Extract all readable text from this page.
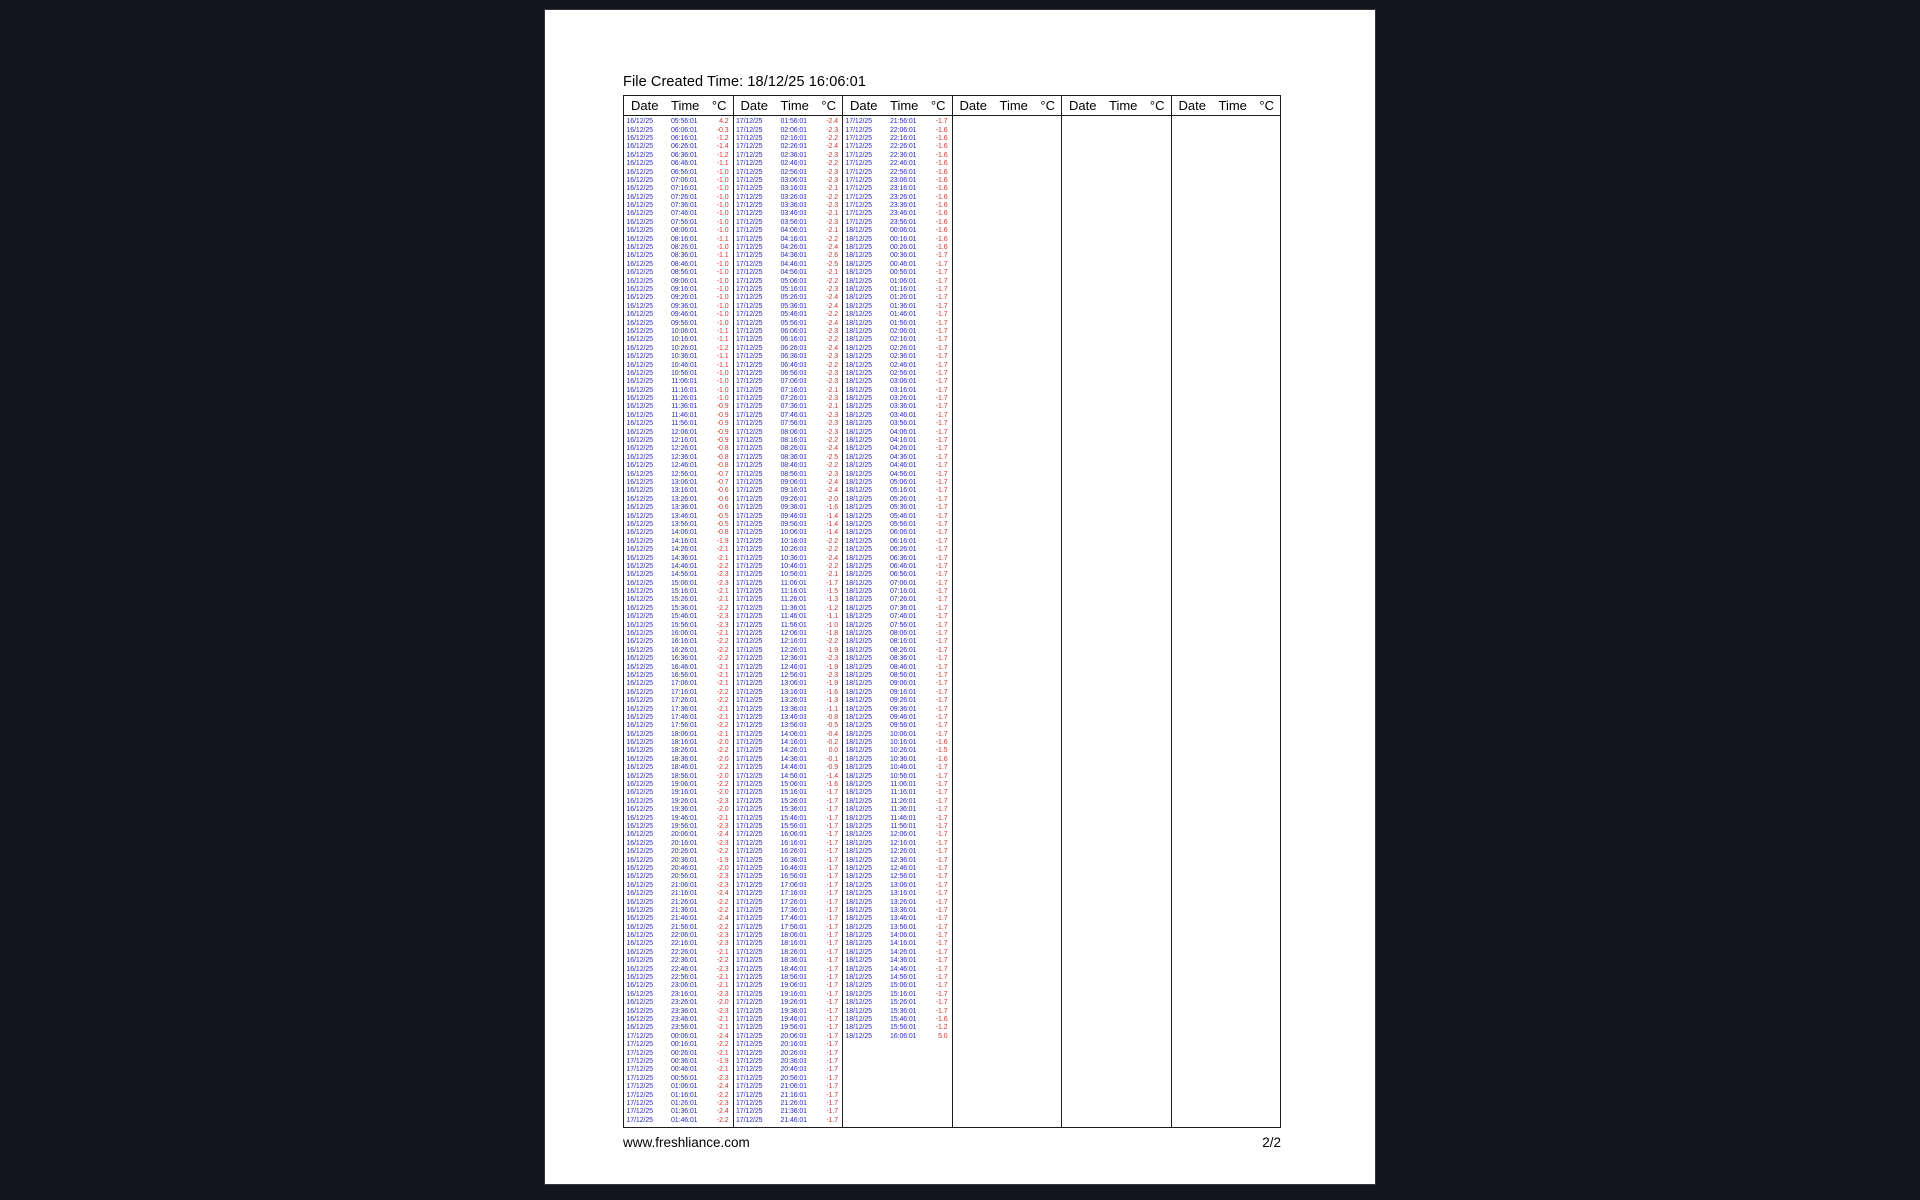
File Created Time: 18/12/25 16:06:01
Date Time °C
16/12/25	05:56:01	4.2
16/12/25	06:06:01	-0.3
16/12/25	06:16:01	-1.2
16/12/25	06:26:01	-1.4
16/12/25	06:36:01	-1.2
16/12/25	06:46:01	-1.1
16/12/25	06:56:01	-1.0
16/12/25	07:06:01	-1.0
16/12/25	07:16:01	-1.0
16/12/25	07:26:01	-1.0
16/12/25	07:36:01	-1.0
16/12/25	07:46:01	-1.0
16/12/25	07:56:01	-1.0
16/12/25	08:06:01	-1.0
16/12/25	08:16:01	-1.1
16/12/25	08:26:01	-1.0
16/12/25	08:36:01	-1.1
16/12/25	08:46:01	-1.0
16/12/25	08:56:01	-1.0
16/12/25	09:06:01	-1.0
16/12/25	09:16:01	-1.0
16/12/25	09:26:01	-1.0
16/12/25	09:36:01	-1.0
16/12/25	09:46:01	-1.0
16/12/25	09:56:01	-1.0
16/12/25	10:06:01	-1.1
16/12/25	10:16:01	-1.1
16/12/25	10:26:01	-1.2
16/12/25	10:36:01	-1.1
16/12/25	10:46:01	-1.1
16/12/25	10:56:01	-1.0
16/12/25	11:06:01	-1.0
16/12/25	11:16:01	-1.0
16/12/25	11:26:01	-1.0
16/12/25	11:36:01	-0.9
16/12/25	11:46:01	-0.9
16/12/25	11:56:01	-0.9
16/12/25	12:06:01	-0.9
16/12/25	12:16:01	-0.9
16/12/25	12:26:01	-0.8
16/12/25	12:36:01	-0.8
16/12/25	12:46:01	-0.8
16/12/25	12:56:01	-0.7
16/12/25	13:06:01	-0.7
16/12/25	13:16:01	-0.6
16/12/25	13:26:01	-0.6
16/12/25	13:36:01	-0.6
16/12/25	13:46:01	-0.5
16/12/25	13:56:01	-0.5
16/12/25	14:06:01	-0.8
16/12/25	14:16:01	-1.9
16/12/25	14:26:01	-2.1
16/12/25	14:36:01	-2.1
16/12/25	14:46:01	-2.2
16/12/25	14:56:01	-2.3
16/12/25	15:06:01	-2.3
16/12/25	15:16:01	-2.1
16/12/25	15:26:01	-2.1
16/12/25	15:36:01	-2.2
16/12/25	15:46:01	-2.3
16/12/25	15:56:01	-2.3
16/12/25	16:06:01	-2.1
16/12/25	16:16:01	-2.2
16/12/25	16:26:01	-2.2
16/12/25	16:36:01	-2.2
16/12/25	16:46:01	-2.1
16/12/25	16:56:01	-2.1
16/12/25	17:06:01	-2.1
16/12/25	17:16:01	-2.2
16/12/25	17:26:01	-2.2
16/12/25	17:36:01	-2.1
16/12/25	17:46:01	-2.1
16/12/25	17:56:01	-2.2
16/12/25	18:06:01	-2.1
16/12/25	18:16:01	-2.0
16/12/25	18:26:01	-2.2
16/12/25	18:36:01	-2.0
16/12/25	18:46:01	-2.2
16/12/25	18:56:01	-2.0
16/12/25	19:06:01	-2.2
16/12/25	19:16:01	-2.0
16/12/25	19:26:01	-2.3
16/12/25	19:36:01	-2.0
16/12/25	19:46:01	-2.1
16/12/25	19:56:01	-2.3
16/12/25	20:06:01	-2.4
16/12/25	20:16:01	-2.3
16/12/25	20:26:01	-2.2
16/12/25	20:36:01	-1.9
16/12/25	20:46:01	-2.0
16/12/25	20:56:01	-2.3
16/12/25	21:06:01	-2.3
16/12/25	21:16:01	-2.4
16/12/25	21:26:01	-2.2
16/12/25	21:36:01	-2.2
16/12/25	21:46:01	-2.4
16/12/25	21:56:01	-2.2
16/12/25	22:06:01	-2.3
16/12/25	22:16:01	-2.3
16/12/25	22:26:01	-2.1
16/12/25	22:36:01	-2.2
16/12/25	22:46:01	-2.3
16/12/25	22:56:01	-2.1
16/12/25	23:06:01	-2.1
16/12/25	23:16:01	-2.3
16/12/25	23:26:01	-2.0
16/12/25	23:36:01	-2.3
16/12/25	23:46:01	-2.1
16/12/25	23:56:01	-2.1
17/12/25	00:06:01	-2.4
17/12/25	00:16:01	-2.2
17/12/25	00:26:01	-2.1
17/12/25	00:36:01	-1.9
17/12/25	00:46:01	-2.1
17/12/25	00:56:01	-2.3
17/12/25	01:06:01	-2.4
17/12/25	01:16:01	-2.2
17/12/25	01:26:01	-2.3
17/12/25	01:36:01	-2.4
17/12/25	01:46:01	-2.2
Date Time °C
17/12/25	01:56:01	-2.4
17/12/25	02:06:01	-2.3
17/12/25	02:16:01	-2.2
17/12/25	02:26:01	-2.4
17/12/25	02:36:01	-2.3
17/12/25	02:46:01	-2.2
17/12/25	02:56:01	-2.3
17/12/25	03:06:01	-2.3
17/12/25	03:16:01	-2.1
17/12/25	03:26:01	-2.2
17/12/25	03:36:01	-2.3
17/12/25	03:46:01	-2.1
17/12/25	03:56:01	-2.3
17/12/25	04:06:01	-2.1
17/12/25	04:16:01	-2.2
17/12/25	04:26:01	-2.4
17/12/25	04:36:01	-2.6
17/12/25	04:46:01	-2.5
17/12/25	04:56:01	-2.1
17/12/25	05:06:01	-2.2
17/12/25	05:16:01	-2.3
17/12/25	05:26:01	-2.4
17/12/25	05:36:01	-2.4
17/12/25	05:46:01	-2.2
17/12/25	05:56:01	-2.4
17/12/25	06:06:01	-2.3
17/12/25	06:16:01	-2.2
17/12/25	06:26:01	-2.4
17/12/25	06:36:01	-2.3
17/12/25	06:46:01	-2.2
17/12/25	06:56:01	-2.3
17/12/25	07:06:01	-2.3
17/12/25	07:16:01	-2.1
17/12/25	07:26:01	-2.3
17/12/25	07:36:01	-2.1
17/12/25	07:46:01	-2.3
17/12/25	07:56:01	-2.3
17/12/25	08:06:01	-2.3
17/12/25	08:16:01	-2.2
17/12/25	08:26:01	-2.4
17/12/25	08:36:01	-2.5
17/12/25	08:46:01	-2.2
17/12/25	08:56:01	-2.3
17/12/25	09:06:01	-2.4
17/12/25	09:16:01	-2.4
17/12/25	09:26:01	-2.0
17/12/25	09:36:01	-1.6
17/12/25	09:46:01	-1.4
17/12/25	09:56:01	-1.4
17/12/25	10:06:01	-1.4
17/12/25	10:16:01	-2.2
17/12/25	10:26:01	-2.2
17/12/25	10:36:01	-2.4
17/12/25	10:46:01	-2.2
17/12/25	10:56:01	-2.1
17/12/25	11:06:01	-1.7
17/12/25	11:16:01	-1.5
17/12/25	11:26:01	-1.3
17/12/25	11:36:01	-1.2
17/12/25	11:46:01	-1.1
17/12/25	11:56:01	-1.0
17/12/25	12:06:01	-1.8
17/12/25	12:16:01	-2.2
17/12/25	12:26:01	-1.9
17/12/25	12:36:01	-2.3
17/12/25	12:46:01	-1.9
17/12/25	12:56:01	-2.3
17/12/25	13:06:01	-1.9
17/12/25	13:16:01	-1.6
17/12/25	13:26:01	-1.3
17/12/25	13:36:01	-1.1
17/12/25	13:46:01	-0.8
17/12/25	13:56:01	-0.5
17/12/25	14:06:01	-0.4
17/12/25	14:16:01	-0.2
17/12/25	14:26:01	0.0
17/12/25	14:36:01	-0.1
17/12/25	14:46:01	-0.9
17/12/25	14:56:01	-1.4
17/12/25	15:06:01	-1.6
17/12/25	15:16:01	-1.7
17/12/25	15:26:01	-1.7
17/12/25	15:36:01	-1.7
17/12/25	15:46:01	-1.7
17/12/25	15:56:01	-1.7
17/12/25	16:06:01	-1.7
17/12/25	16:16:01	-1.7
17/12/25	16:26:01	-1.7
17/12/25	16:36:01	-1.7
17/12/25	16:46:01	-1.7
17/12/25	16:56:01	-1.7
17/12/25	17:06:01	-1.7
17/12/25	17:16:01	-1.7
17/12/25	17:26:01	-1.7
17/12/25	17:36:01	-1.7
17/12/25	17:46:01	-1.7
17/12/25	17:56:01	-1.7
17/12/25	18:06:01	-1.7
17/12/25	18:16:01	-1.7
17/12/25	18:26:01	-1.7
17/12/25	18:36:01	-1.7
17/12/25	18:46:01	-1.7
17/12/25	18:56:01	-1.7
17/12/25	19:06:01	-1.7
17/12/25	19:16:01	-1.7
17/12/25	19:26:01	-1.7
17/12/25	19:36:01	-1.7
17/12/25	19:46:01	-1.7
17/12/25	19:56:01	-1.7
17/12/25	20:06:01	-1.7
17/12/25	20:16:01	-1.7
17/12/25	20:26:01	-1.7
17/12/25	20:36:01	-1.7
17/12/25	20:46:01	-1.7
17/12/25	20:56:01	-1.7
17/12/25	21:06:01	-1.7
17/12/25	21:16:01	-1.7
17/12/25	21:26:01	-1.7
17/12/25	21:36:01	-1.7
17/12/25	21:46:01	-1.7
Date Time °C
17/12/25	21:56:01	-1.7
17/12/25	22:06:01	-1.6
17/12/25	22:16:01	-1.6
17/12/25	22:26:01	-1.6
17/12/25	22:36:01	-1.6
17/12/25	22:46:01	-1.6
17/12/25	22:56:01	-1.6
17/12/25	23:06:01	-1.6
17/12/25	23:16:01	-1.6
17/12/25	23:26:01	-1.6
17/12/25	23:36:01	-1.6
17/12/25	23:46:01	-1.6
17/12/25	23:56:01	-1.6
18/12/25	00:06:01	-1.6
18/12/25	00:16:01	-1.6
18/12/25	00:26:01	-1.6
18/12/25	00:36:01	-1.7
18/12/25	00:46:01	-1.7
18/12/25	00:56:01	-1.7
18/12/25	01:06:01	-1.7
18/12/25	01:16:01	-1.7
18/12/25	01:26:01	-1.7
18/12/25	01:36:01	-1.7
18/12/25	01:46:01	-1.7
18/12/25	01:56:01	-1.7
18/12/25	02:06:01	-1.7
18/12/25	02:16:01	-1.7
18/12/25	02:26:01	-1.7
18/12/25	02:36:01	-1.7
18/12/25	02:46:01	-1.7
18/12/25	02:56:01	-1.7
18/12/25	03:06:01	-1.7
18/12/25	03:16:01	-1.7
18/12/25	03:26:01	-1.7
18/12/25	03:36:01	-1.7
18/12/25	03:46:01	-1.7
18/12/25	03:56:01	-1.7
18/12/25	04:06:01	-1.7
18/12/25	04:16:01	-1.7
18/12/25	04:26:01	-1.7
18/12/25	04:36:01	-1.7
18/12/25	04:46:01	-1.7
18/12/25	04:56:01	-1.7
18/12/25	05:06:01	-1.7
18/12/25	05:16:01	-1.7
18/12/25	05:26:01	-1.7
18/12/25	05:36:01	-1.7
18/12/25	05:46:01	-1.7
18/12/25	05:56:01	-1.7
18/12/25	06:06:01	-1.7
18/12/25	06:16:01	-1.7
18/12/25	06:26:01	-1.7
18/12/25	06:36:01	-1.7
18/12/25	06:46:01	-1.7
18/12/25	06:56:01	-1.7
18/12/25	07:06:01	-1.7
18/12/25	07:16:01	-1.7
18/12/25	07:26:01	-1.7
18/12/25	07:36:01	-1.7
18/12/25	07:46:01	-1.7
18/12/25	07:56:01	-1.7
18/12/25	08:06:01	-1.7
18/12/25	08:16:01	-1.7
18/12/25	08:26:01	-1.7
18/12/25	08:36:01	-1.7
18/12/25	08:46:01	-1.7
18/12/25	08:56:01	-1.7
18/12/25	09:06:01	-1.7
18/12/25	09:16:01	-1.7
18/12/25	09:26:01	-1.7
18/12/25	09:36:01	-1.7
18/12/25	09:46:01	-1.7
18/12/25	09:56:01	-1.7
18/12/25	10:06:01	-1.7
18/12/25	10:16:01	-1.6
18/12/25	10:26:01	-1.5
18/12/25	10:36:01	-1.6
18/12/25	10:46:01	-1.7
18/12/25	10:56:01	-1.7
18/12/25	11:06:01	-1.7
18/12/25	11:16:01	-1.7
18/12/25	11:26:01	-1.7
18/12/25	11:36:01	-1.7
18/12/25	11:46:01	-1.7
18/12/25	11:56:01	-1.7
18/12/25	12:06:01	-1.7
18/12/25	12:16:01	-1.7
18/12/25	12:26:01	-1.7
18/12/25	12:36:01	-1.7
18/12/25	12:46:01	-1.7
18/12/25	12:56:01	-1.7
18/12/25	13:06:01	-1.7
18/12/25	13:16:01	-1.7
18/12/25	13:26:01	-1.7
18/12/25	13:36:01	-1.7
18/12/25	13:46:01	-1.7
18/12/25	13:56:01	-1.7
18/12/25	14:06:01	-1.7
18/12/25	14:16:01	-1.7
18/12/25	14:26:01	-1.7
18/12/25	14:36:01	-1.7
18/12/25	14:46:01	-1.7
18/12/25	14:56:01	-1.7
18/12/25	15:06:01	-1.7
18/12/25	15:16:01	-1.7
18/12/25	15:26:01	-1.7
18/12/25	15:36:01	-1.7
18/12/25	15:46:01	-1.6
18/12/25	15:56:01	-1.2
18/12/25	16:06:01	5.0
Date Time °C Date Time °C Date Time °C
www.freshliance.com	2/2
